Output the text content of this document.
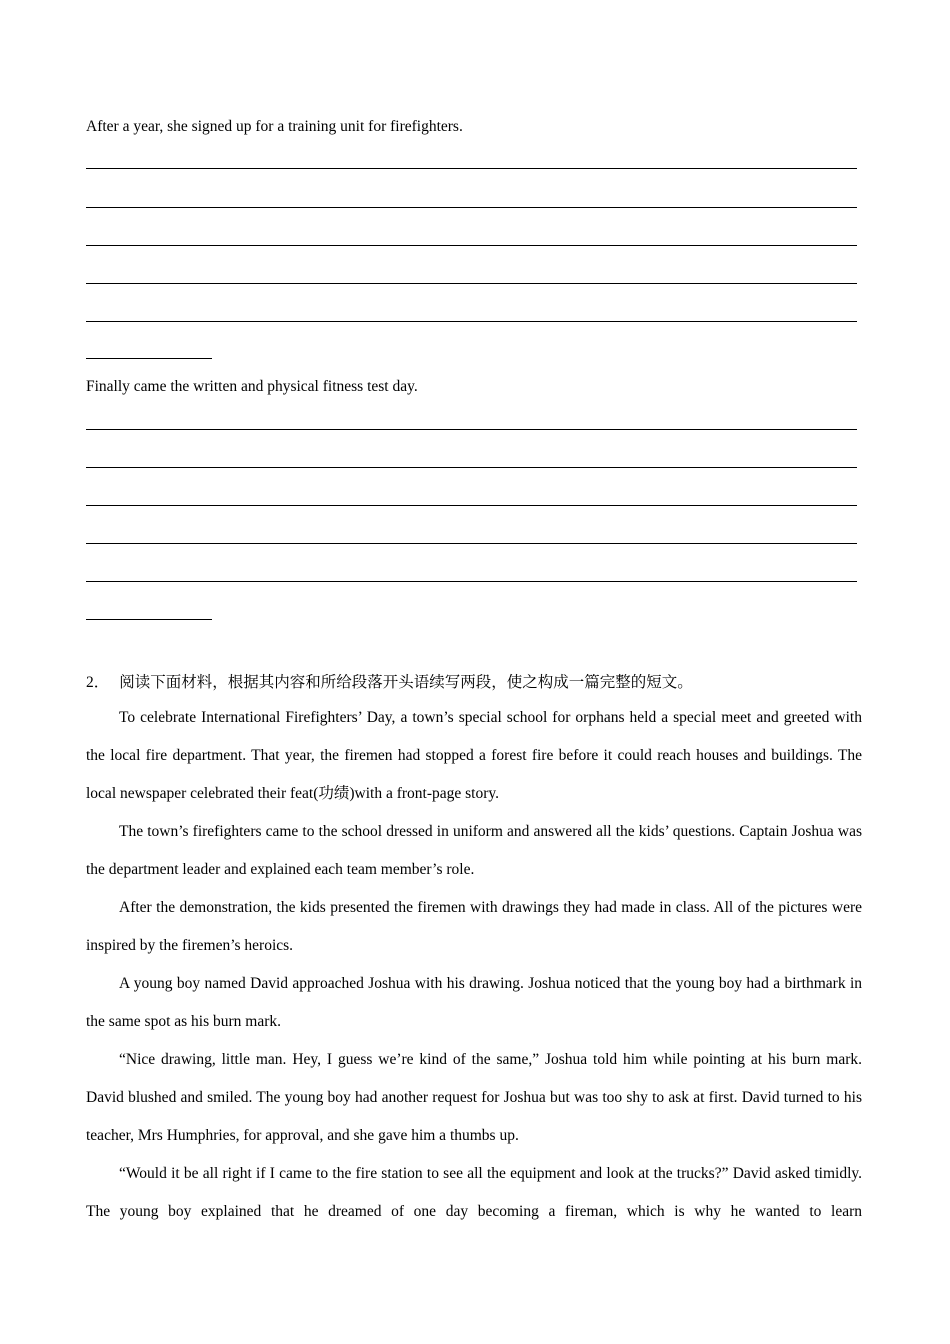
After a year, she signed up for a training unit for firefighters.
Finally came the written and physical fitness test day.
2． 阅读下面材料，根据其内容和所给段落开头语续写两段，使之构成一篇完整的短文。

To celebrate International Firefighters’ Day, a town’s special school for orphans held a special meet and greeted with the local fire department. That year, the firemen had stopped a forest fire before it could reach houses and buildings. The local newspaper celebrated their feat(功绩)with a front-page story.

The town’s firefighters came to the school dressed in uniform and answered all the kids’ questions. Captain Joshua was the department leader and explained each team member’s role.

After the demonstration, the kids presented the firemen with drawings they had made in class. All of the pictures were inspired by the firemen’s heroics.

A young boy named David approached Joshua with his drawing. Joshua noticed that the young boy had a birthmark in the same spot as his burn mark.

“Nice drawing, little man. Hey, I guess we’re kind of the same,” Joshua told him while pointing at his burn mark. David blushed and smiled. The young boy had another request for Joshua but was too shy to ask at first. David turned to his teacher, Mrs Humphries, for approval, and she gave him a thumbs up.

“Would it be all right if I came to the fire station to see all the equipment and look at the trucks?” David asked timidly. The young boy explained that he dreamed of one day becoming a fireman, which is why he wanted to learn
